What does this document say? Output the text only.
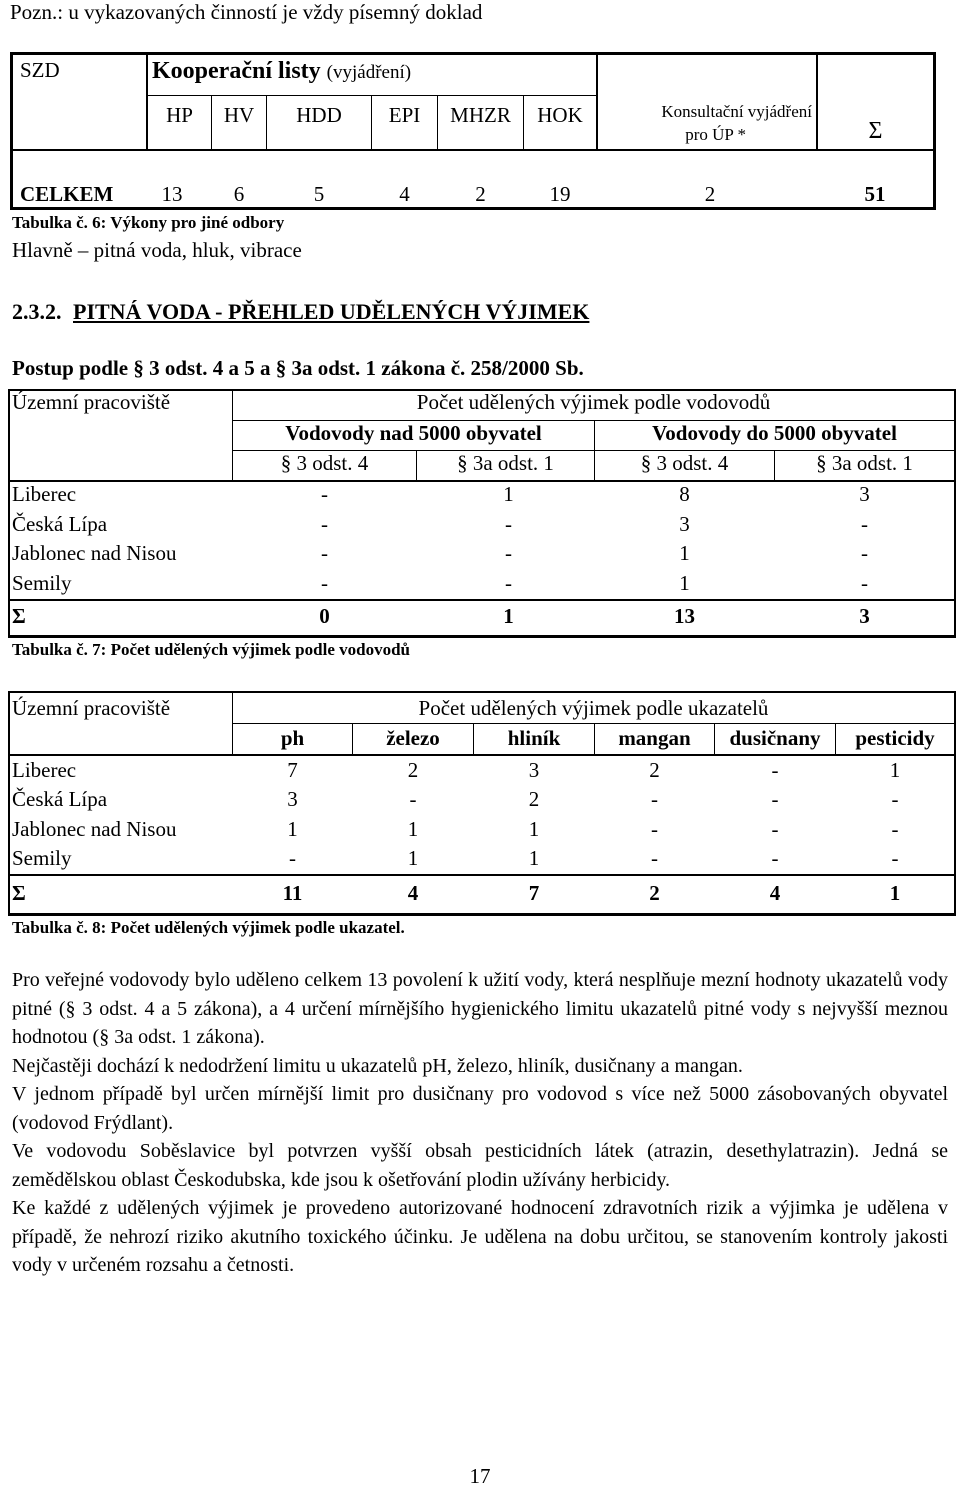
Pozn.: u vykazovaných činností je vždy písemný doklad
SZD	Kooperační listy (vyjádření)
HP	HV	HDD	EPI	MHZR	HOK	Konsultační vyjádření
pro ÚP *	Σ
CELKEM	13	6	5	4	2	19	2	51
Tabulka č. 6: Výkony pro jiné odbory
Hlavně – pitná voda, hluk, vibrace
2.3.2. PITNÁ VODA - PŘEHLED UDĚLENÝCH VÝJIMEK
Postup podle § 3 odst. 4 a 5 a § 3a odst. 1 zákona č. 258/2000 Sb.
Územní pracoviště	Počet udělených výjimek podle vodovodů
Vodovody nad 5000 obyvatel	Vodovody do 5000 obyvatel
§ 3 odst. 4	§ 3a odst. 1	§ 3 odst. 4	§ 3a odst. 1
Liberec	-	1	8	3
Česká Lípa	-	-	3	-
Jablonec nad Nisou	-	-	1	-
Semily	-	-	1	-
Σ	0	1	13	3
Tabulka č. 7: Počet udělených výjimek podle vodovodů
Územní pracoviště	Počet udělených výjimek podle ukazatelů
ph	železo	hliník	mangan	dusičnany	pesticidy
Liberec	7	2	3	2	-	1
Česká Lípa	3	-	2	-	-	-
Jablonec nad Nisou	1	1	1	-	-	-
Semily	-	1	1	-	-	-
Σ	11	4	7	2	4	1
Tabulka č. 8: Počet udělených výjimek podle ukazatel.

Pro veřejné vodovody bylo uděleno celkem 13 povolení k užití vody, která nesplňuje mezní hodnoty ukazatelů vody pitné (§ 3 odst. 4 a 5 zákona), a 4 určení mírnějšího hygienického limitu ukazatelů pitné vody s nejvyšší meznou hodnotou (§ 3a odst. 1 zákona).

Nejčastěji dochází k nedodržení limitu u ukazatelů pH, železo, hliník, dusičnany a mangan.

V jednom případě byl určen mírnější limit pro dusičnany pro vodovod s více než 5000 zásobovaných obyvatel (vodovod Frýdlant).

Ve vodovodu Soběslavice byl potvrzen vyšší obsah pesticidních látek (atrazin, desethylatrazin). Jedná se zemědělskou oblast Českodubska, kde jsou k ošetřování plodin užívány herbicidy.

Ke každé z udělených výjimek je provedeno autorizované hodnocení zdravotních rizik a výjimka je udělena v případě, že nehrozí riziko akutního toxického účinku. Je udělena na dobu určitou, se stanovením kontroly jakosti vody v určeném rozsahu a četnosti.

17
